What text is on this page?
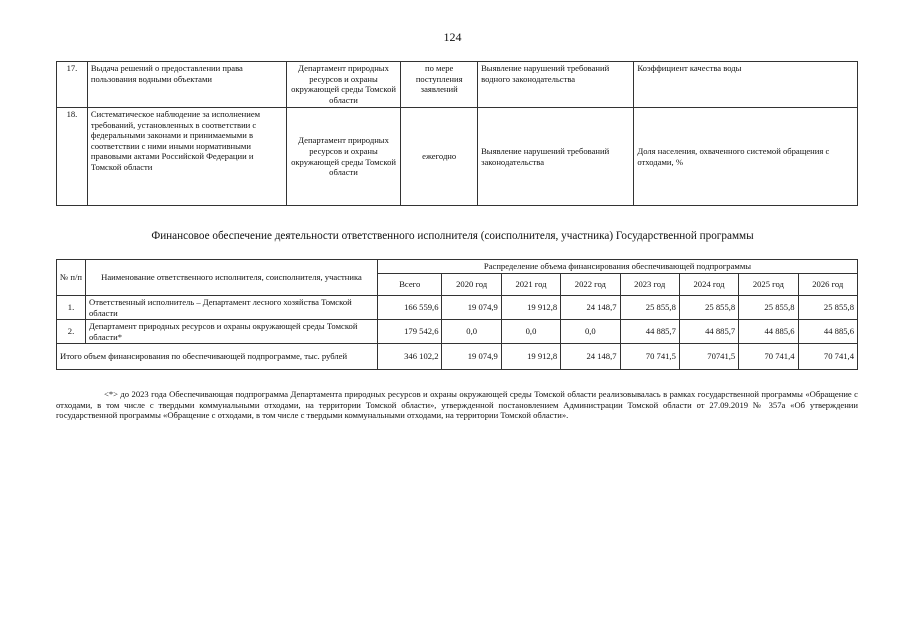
124
17.	Выдача решений о предоставлении права пользования водными объектами	Департамент природных ресурсов и охраны окружающей среды Томской области	по мере поступления заявлений	Выявление нарушений требований водного законодательства	Коэффициент качества воды
18.	Систематическое наблюдение за исполнением требований, установленных в соответствии с федеральными законами и принимаемыми в соответствии с ними иными нормативными правовыми актами Российской Федерации и Томской области	Департамент природных ресурсов и охраны окружающей среды Томской области	ежегодно	Выявление нарушений требований законодательства	Доля населения, охваченного системой обращения с отходами, %
Финансовое обеспечение деятельности ответственного исполнителя (соисполнителя, участника) Государственной программы
№ п/п	Наименование ответственного исполнителя, соисполнителя, участника	Распределение объема финансирования обеспечивающей подпрограммы							
		Всего	2020 год	2021 год	2022 год	2023 год	2024 год	2025 год	2026 год
1.	Ответственный исполнитель – Департамент лесного хозяйства Томской области	166 559,6	19 074,9	19 912,8	24 148,7	25 855,8	25 855,8	25 855,8	25 855,8
2.	Департамент природных ресурсов и охраны окружающей среды Томской области*	179 542,6	0,0	0,0	0,0	44 885,7	44 885,7	44 885,6	44 885,6
Итого объем финансирования по обеспечивающей подпрограмме, тыс. рублей		346 102,2	19 074,9	19 912,8	24 148,7	70 741,5	70741,5	70 741,4	70 741,4
<*> до 2023 года Обеспечивающая подпрограмма Департамента природных ресурсов и охраны окружающей среды Томской области реализовывалась в рамках государственной программы «Обращение с отходами, в том числе с твердыми коммунальными отходами, на территории Томской области», утвержденной постановлением Администрации Томской области от 27.09.2019 № 357а «Об утверждении государственной программы «Обращение с отходами, в том числе с твердыми коммунальными отходами, на территории Томской области».
